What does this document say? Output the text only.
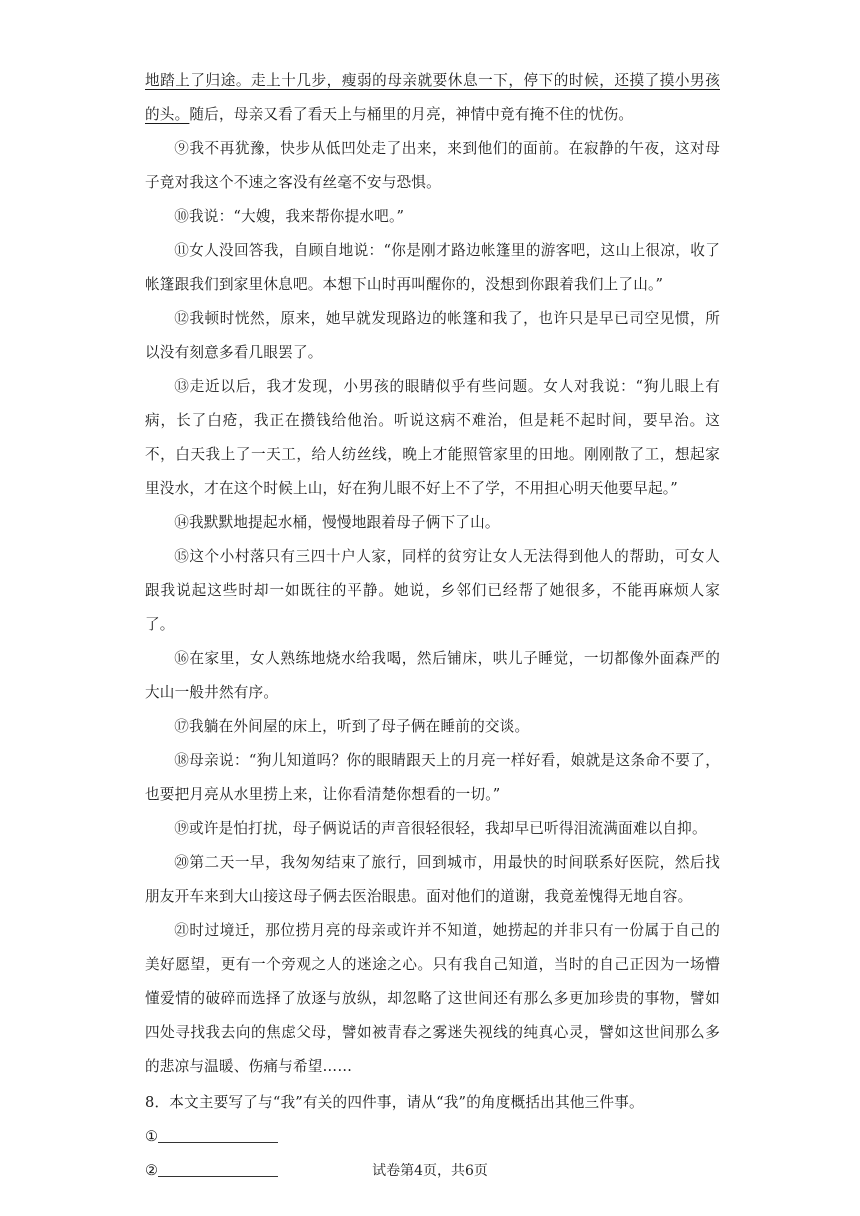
地踏上了归途。走上十几步，瘦弱的母亲就要休息一下，停下的时候，还摸了摸小男孩的头。随后，母亲又看了看天上与桶里的月亮，神情中竟有掩不住的忧伤。

⑨我不再犹豫，快步从低凹处走了出来，来到他们的面前。在寂静的午夜，这对母子竟对我这个不速之客没有丝毫不安与恐惧。

⑩我说：“大嫂，我来帮你提水吧。”

⑪女人没回答我，自顾自地说：“你是刚才路边帐篷里的游客吧，这山上很凉，收了帐篷跟我们到家里休息吧。本想下山时再叫醒你的，没想到你跟着我们上了山。”

⑫我顿时恍然，原来，她早就发现路边的帐篷和我了，也许只是早已司空见惯，所以没有刻意多看几眼罢了。

⑬走近以后，我才发现，小男孩的眼睛似乎有些问题。女人对我说：“狗儿眼上有病，长了白疮，我正在攒钱给他治。听说这病不难治，但是耗不起时间，要早治。这不，白天我上了一天工，给人纺丝线，晚上才能照管家里的田地。刚刚散了工，想起家里没水，才在这个时候上山，好在狗儿眼不好上不了学，不用担心明天他要早起。”

⑭我默默地提起水桶，慢慢地跟着母子俩下了山。

⑮这个小村落只有三四十户人家，同样的贫穷让女人无法得到他人的帮助，可女人跟我说起这些时却一如既往的平静。她说，乡邻们已经帮了她很多，不能再麻烦人家了。

⑯在家里，女人熟练地烧水给我喝，然后铺床，哄儿子睡觉，一切都像外面森严的大山一般井然有序。

⑰我躺在外间屋的床上，听到了母子俩在睡前的交谈。

⑱母亲说：“狗儿知道吗？你的眼睛跟天上的月亮一样好看，娘就是这条命不要了，也要把月亮从水里捞上来，让你看清楚你想看的一切。”

⑲或许是怕打扰，母子俩说话的声音很轻很轻，我却早已听得泪流满面难以自抑。

⑳第二天一早，我匆匆结束了旅行，回到城市，用最快的时间联系好医院，然后找朋友开车来到大山接这母子俩去医治眼患。面对他们的道谢，我竟羞愧得无地自容。

㉑时过境迁，那位捞月亮的母亲或许并不知道，她捞起的并非只有一份属于自己的美好愿望，更有一个旁观之人的迷途之心。只有我自己知道，当时的自己正因为一场懵懂爱情的破碎而选择了放逐与放纵，却忽略了这世间还有那么多更加珍贵的事物，譬如四处寻找我去向的焦虑父母，譬如被青春之雾迷失视线的纯真心灵，譬如这世间那么多的悲凉与温暖、伤痛与希望……

8．本文主要写了与“我”有关的四件事，请从“我”的角度概括出其他三件事。

①

②	试卷第4页，共6页
